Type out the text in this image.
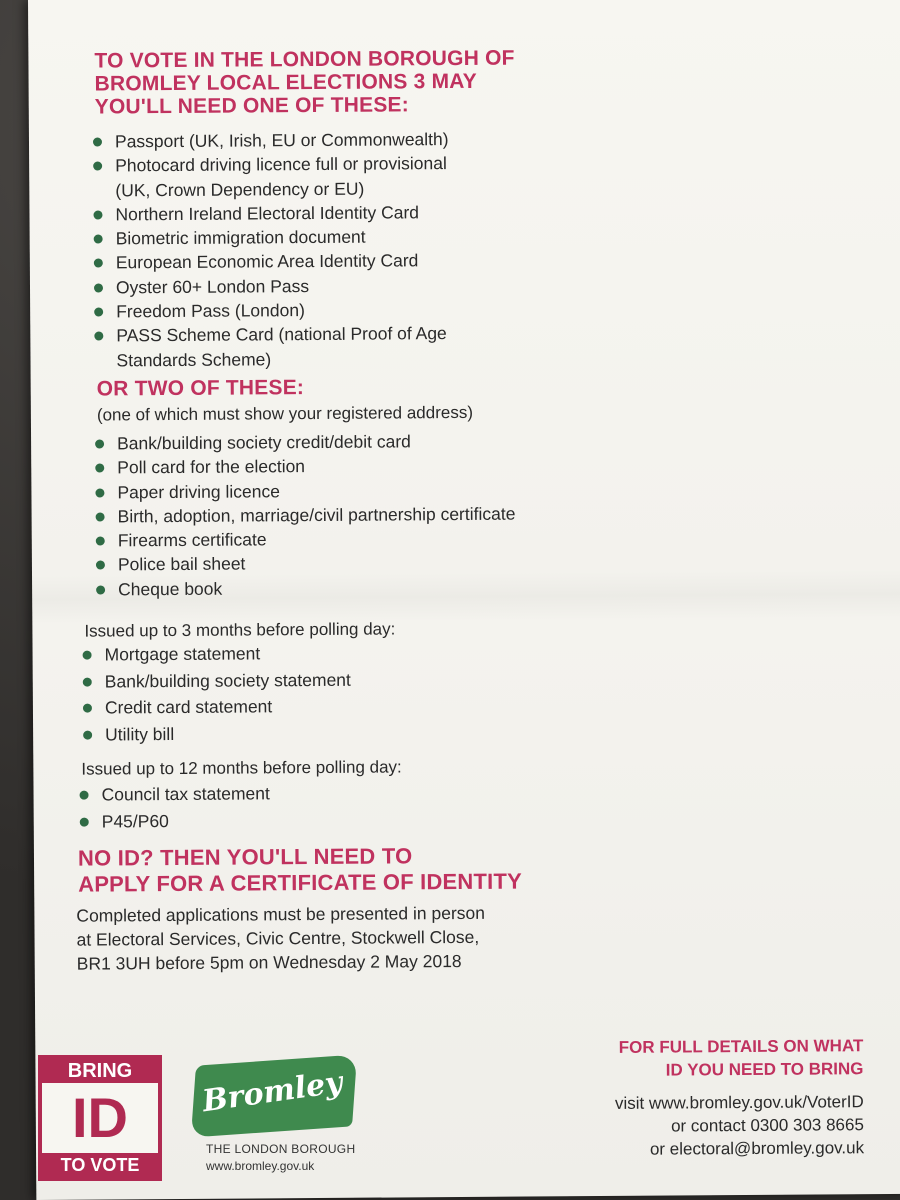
TO VOTE IN THE LONDON BOROUGH OF
BROMLEY LOCAL ELECTIONS 3 MAY
YOU'LL NEED ONE OF THESE:
Passport (UK, Irish, EU or Commonwealth)
Photocard driving licence full or provisional
(UK, Crown Dependency or EU)
Northern Ireland Electoral Identity Card
Biometric immigration document
European Economic Area Identity Card
Oyster 60+ London Pass
Freedom Pass (London)
PASS Scheme Card (national Proof of Age
Standards Scheme)
OR TWO OF THESE:
(one of which must show your registered address)
Bank/building society credit/debit card
Poll card for the election
Paper driving licence
Birth, adoption, marriage/civil partnership certificate
Firearms certificate
Police bail sheet
Cheque book
Issued up to 3 months before polling day:
Mortgage statement
Bank/building society statement
Credit card statement
Utility bill
Issued up to 12 months before polling day:
Council tax statement
P45/P60
NO ID? THEN YOU'LL NEED TO
APPLY FOR A CERTIFICATE OF IDENTITY
Completed applications must be presented in person
at Electoral Services, Civic Centre, Stockwell Close,
BR1 3UH before 5pm on Wednesday 2 May 2018
FOR FULL DETAILS ON WHAT
ID YOU NEED TO BRING
visit www.bromley.gov.uk/VoterID
or contact 0300 303 8665
or electoral@bromley.gov.uk
BRING
ID
TO VOTE
Bromley
THE LONDON BOROUGH
www.bromley.gov.uk
